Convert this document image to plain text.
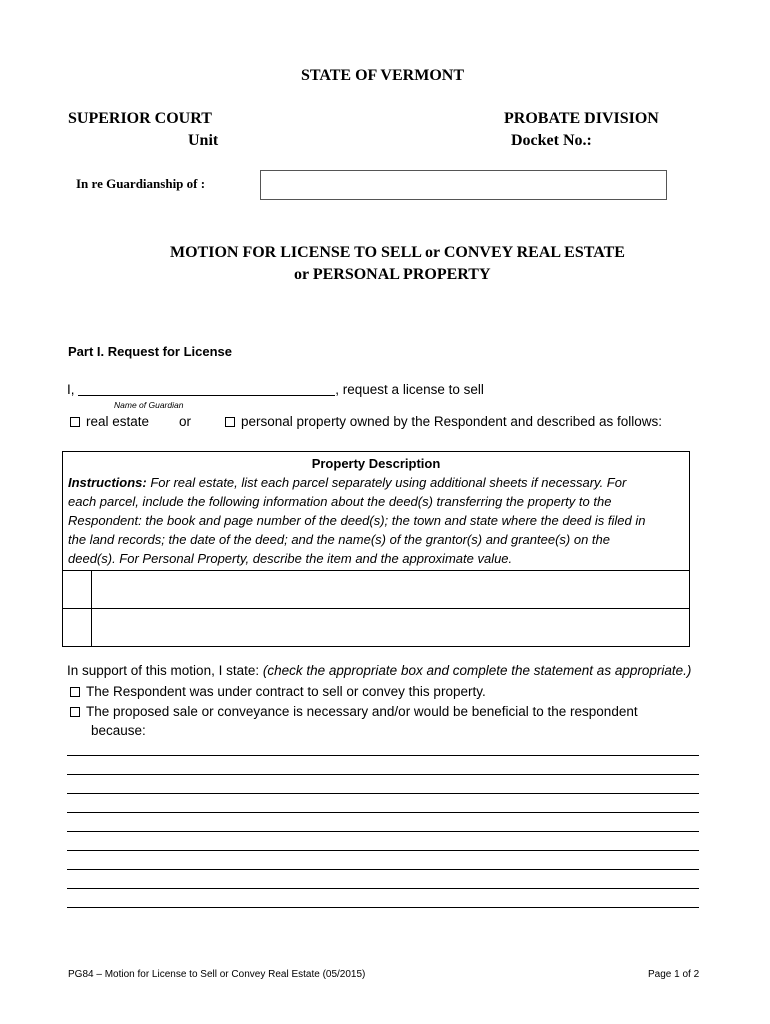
STATE OF VERMONT
SUPERIOR COURT
Unit
PROBATE DIVISION
Docket No.:
In re Guardianship of :
MOTION FOR LICENSE TO SELL or CONVEY REAL ESTATE
or PERSONAL PROPERTY
Part I. Request for License
I,	, request a license to sell
Name of Guardian
real estate or	personal property owned by the Respondent and described as follows:
Property Description
Instructions: For real estate, list each parcel separately using additional sheets if necessary. For
each parcel, include the following information about the deed(s) transferring the property to the
Respondent: the book and page number of the deed(s); the town and state where the deed is filed in
the land records; the date of the deed; and the name(s) of the grantor(s) and grantee(s) on the
deed(s). For Personal Property, describe the item and the approximate value.
In support of this motion, I state: (check the appropriate box and complete the statement as appropriate.)
The Respondent was under contract to sell or convey this property.
The proposed sale or conveyance is necessary and/or would be beneficial to the respondent
because:
PG84 – Motion for License to Sell or Convey Real Estate (05/2015)	Page 1 of 2
